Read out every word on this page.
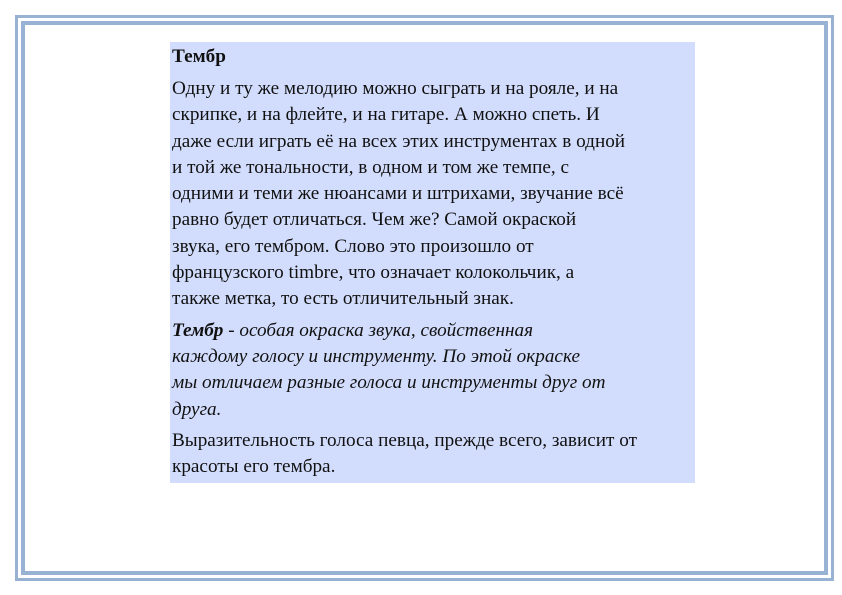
Тембр

Одну и ту же мелодию можно сыграть и на рояле, и на
скрипке, и на флейте, и на гитаре. А можно спеть. И
даже если играть её на всех этих инструментах в одной
и той же тональности, в одном и том же темпе, с
одними и теми же нюансами и штрихами, звучание всё
равно будет отличаться. Чем же? Самой окраской
звука, его тембром. Слово это произошло от
французского timbre, что означает колокольчик, а
также метка, то есть отличительный знак.

Тембр - особая окраска звука, свойственная
каждому голосу и инструменту. По этой окраске
мы отличаем разные голоса и инструменты друг от
друга.

Выразительность голоса певца, прежде всего, зависит от
красоты его тембра.
